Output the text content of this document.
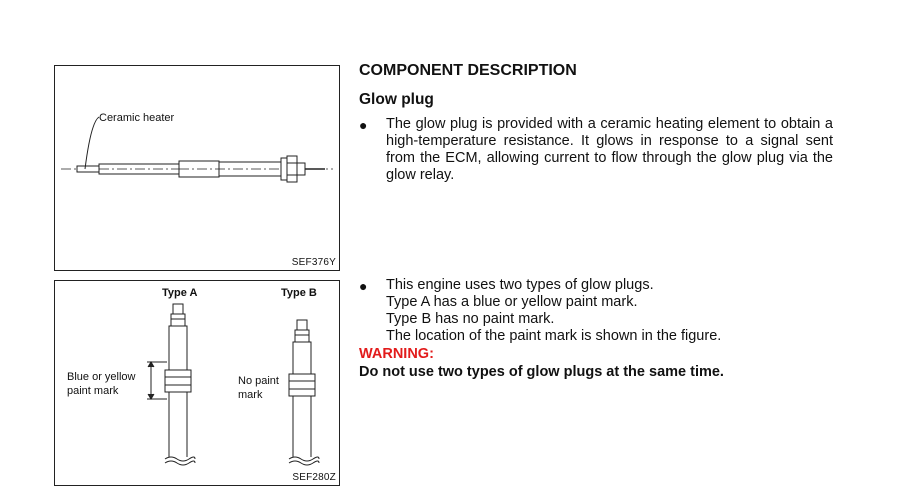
Ceramic heater
SEF376Y
Type A	Type B
Blue or yellow
paint mark
No paint
mark
SEF280Z
COMPONENT DESCRIPTION
Glow plug
● The glow plug is provided with a ceramic heating element to obtain a high-temperature resistance. It glows in response to a signal sent from the ECM, allowing current to flow through the glow plug via the glow relay.
● This engine uses two types of glow plugs.
Type A has a blue or yellow paint mark.
Type B has no paint mark.
The location of the paint mark is shown in the figure.
WARNING:
Do not use two types of glow plugs at the same time.
